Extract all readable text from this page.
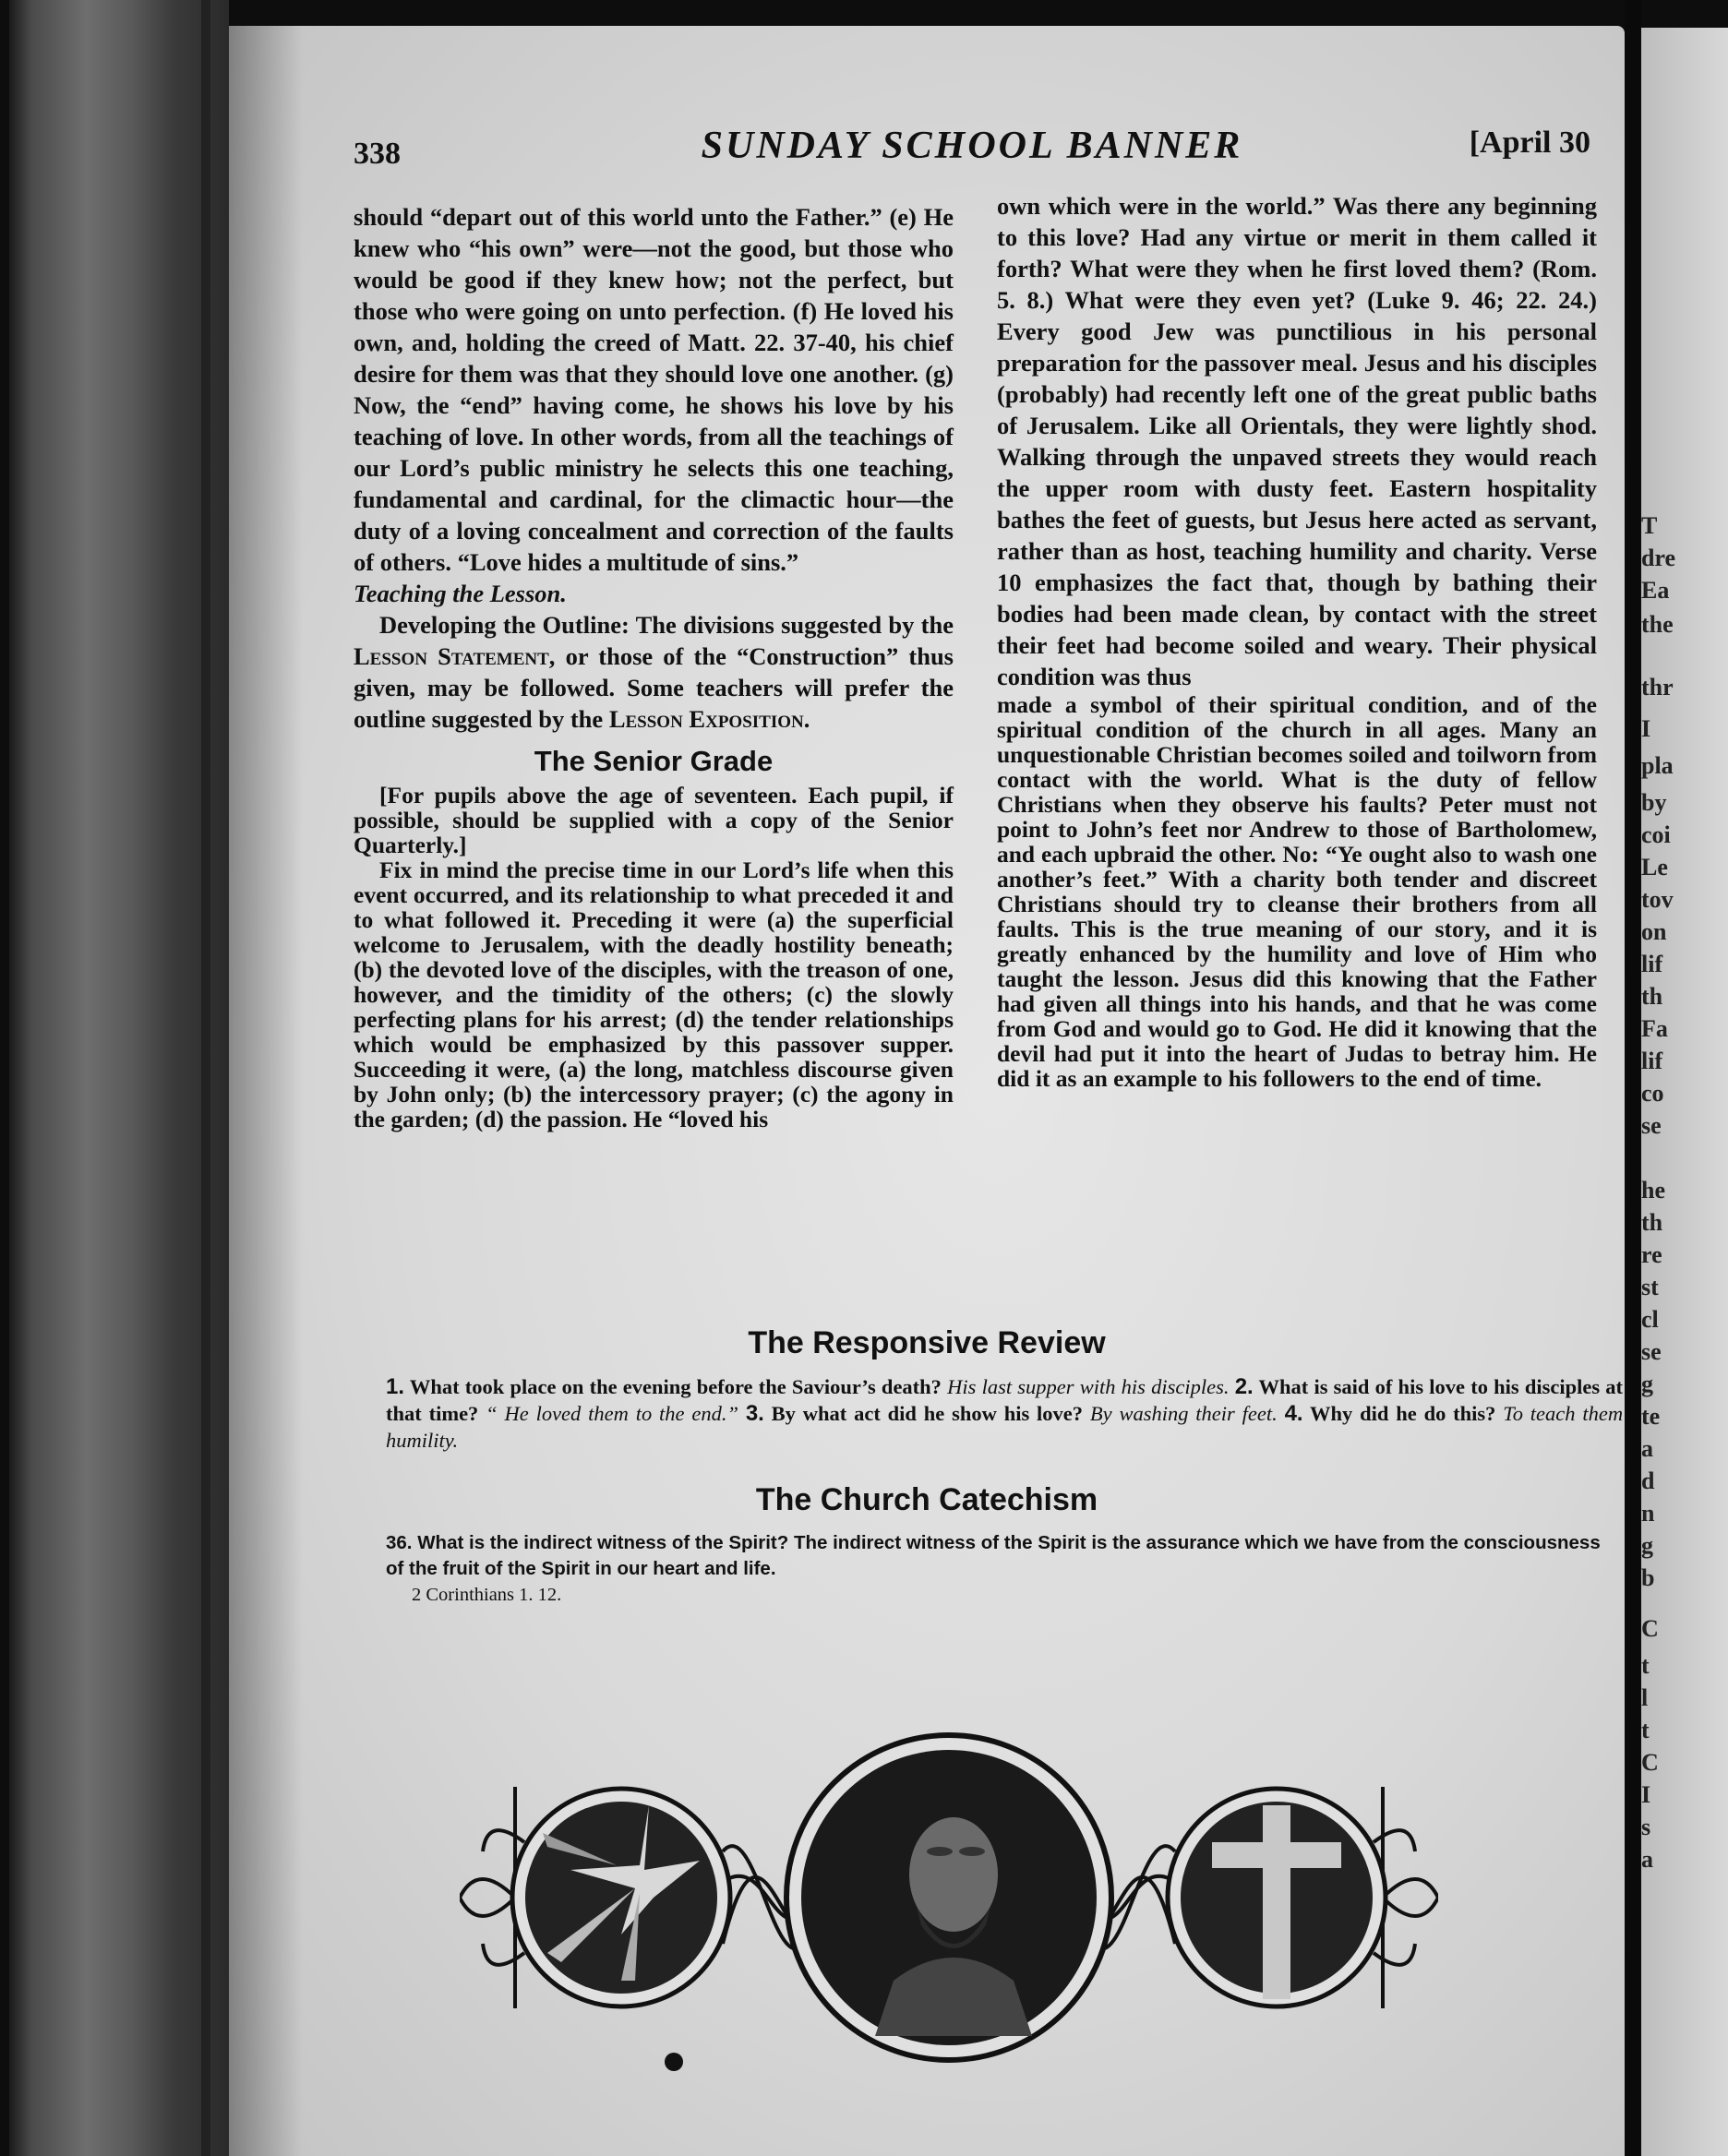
338	SUNDAY SCHOOL BANNER	[April 30

should “depart out of this world unto the Father.” (e) He knew who “his own” were—not the good, but those who would be good if they knew how; not the perfect, but those who were going on unto perfection. (f) He loved his own, and, holding the creed of Matt. 22. 37-40, his chief desire for them was that they should love one another. (g) Now, the “end” having come, he shows his love by his teaching of love. In other words, from all the teachings of our Lord’s public ministry he selects this one teaching, fundamental and cardinal, for the climactic hour—the duty of a loving concealment and correction of the faults of others. “Love hides a multitude of sins.”

Teaching the Lesson.

Developing the Outline: The divisions suggested by the Lesson Statement, or those of the “Construction” thus given, may be followed. Some teachers will prefer the outline suggested by the Lesson Exposition.

The Senior Grade

[For pupils above the age of seventeen. Each pupil, if possible, should be supplied with a copy of the Senior Quarterly.]

Fix in mind the precise time in our Lord’s life when this event occurred, and its relationship to what preceded it and to what followed it. Preceding it were (a) the superficial welcome to Jerusalem, with the deadly hostility beneath; (b) the devoted love of the disciples, with the treason of one, however, and the timidity of the others; (c) the slowly perfecting plans for his arrest; (d) the tender relationships which would be emphasized by this passover supper. Succeeding it were, (a) the long, matchless discourse given by John only; (b) the intercessory prayer; (c) the agony in the garden; (d) the passion. He “loved his

own which were in the world.” Was there any beginning to this love? Had any virtue or merit in them called it forth? What were they when he first loved them? (Rom. 5. 8.) What were they even yet? (Luke 9. 46; 22. 24.) Every good Jew was punctilious in his personal preparation for the passover meal. Jesus and his disciples (probably) had recently left one of the great public baths of Jerusalem. Like all Orientals, they were lightly shod. Walking through the unpaved streets they would reach the upper room with dusty feet. Eastern hospitality bathes the feet of guests, but Jesus here acted as servant, rather than as host, teaching humility and charity. Verse 10 emphasizes the fact that, though by bathing their bodies had been made clean, by contact with the street their feet had become soiled and weary. Their physical condition was thus

made a symbol of their spiritual condition, and of the spiritual condition of the church in all ages. Many an unquestionable Christian becomes soiled and toilworn from contact with the world. What is the duty of fellow Christians when they observe his faults? Peter must not point to John’s feet nor Andrew to those of Bartholomew, and each upbraid the other. No: “Ye ought also to wash one another’s feet.” With a charity both tender and discreet Christians should try to cleanse their brothers from all faults. This is the true meaning of our story, and it is greatly enhanced by the humility and love of Him who taught the lesson. Jesus did this knowing that the Father had given all things into his hands, and that he was come from God and would go to God. He did it knowing that the devil had put it into the heart of Judas to betray him. He did it as an example to his followers to the end of time.

The Responsive Review
1. What took place on the evening before the Saviour’s death? His last supper with his disciples. 2. What is said of his love to his disciples at that time? “ He loved them to the end.” 3. By what act did he show his love? By washing their feet. 4. Why did he do this? To teach them humility.
The Church Catechism
36. What is the indirect witness of the Spirit? The indirect witness of the Spirit is the assurance which we have from the consciousness of the fruit of the Spirit in our heart and life.
2 Corinthians 1. 12.
T
dre
Ea
the
thr
I
pla
by
coi
Le
tov
on
lif
th
Fa
lif
co
se
he
th
re
st
cl
se
g
te
a
d
n
g
b
C
t
l
t
C
I
s
a
